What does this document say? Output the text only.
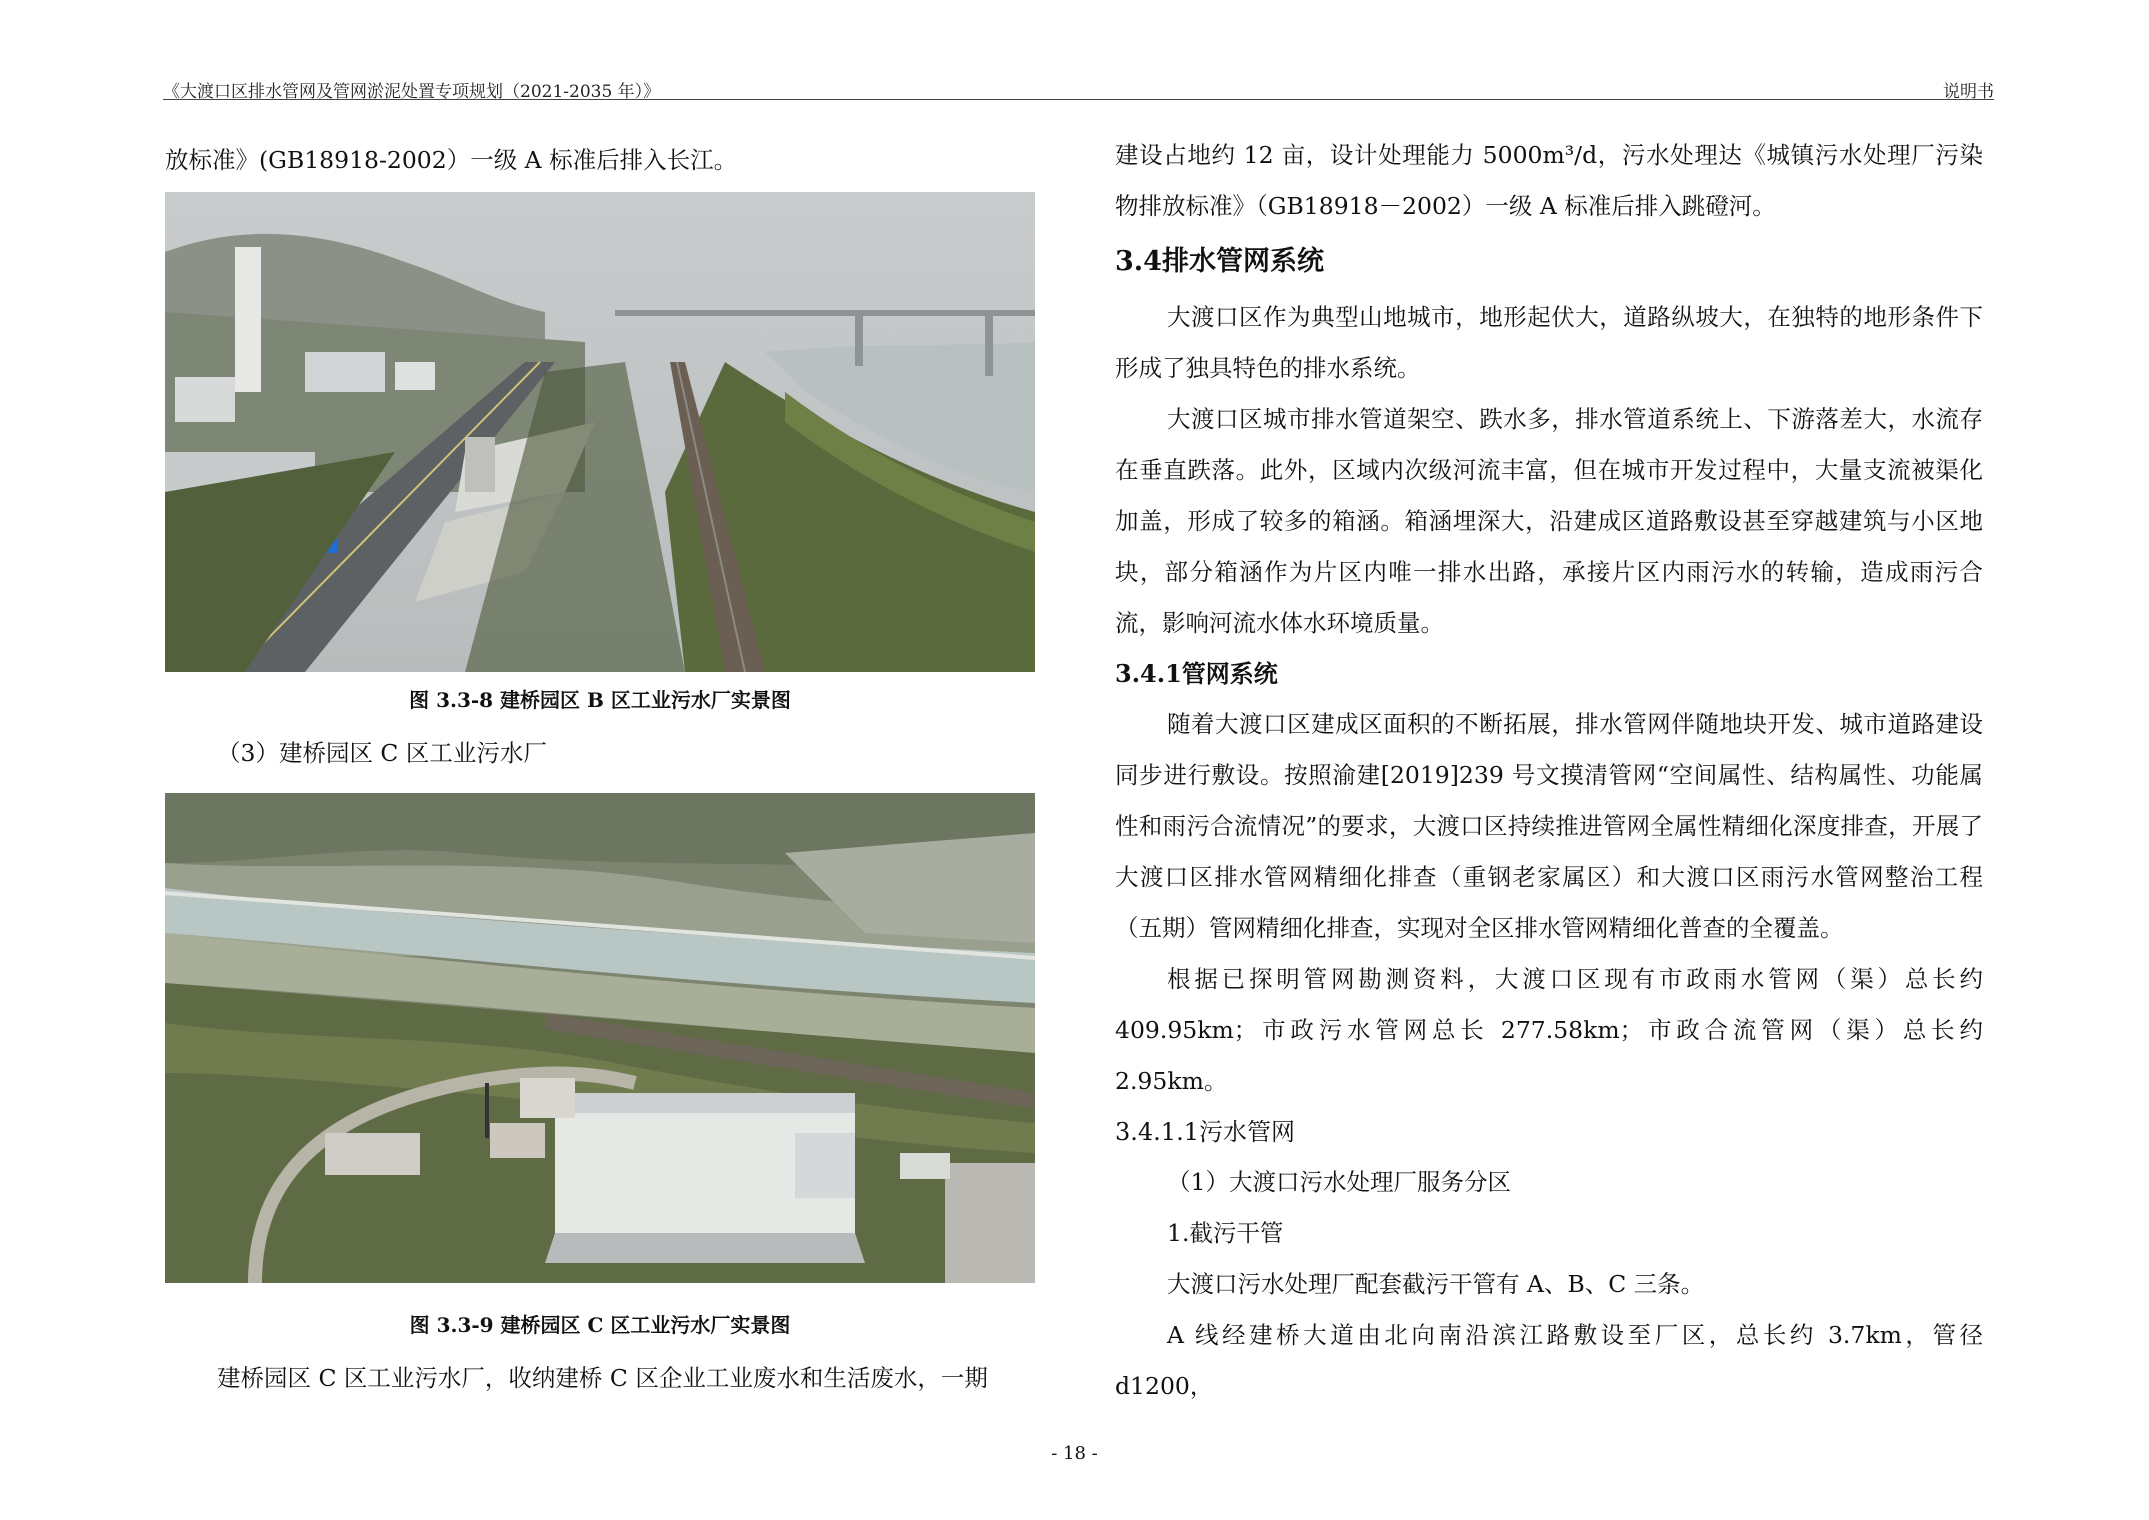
《大渡口区排水管网及管网淤泥处置专项规划（2021-2035 年）》	说明书

放标准》(GB18918-2002）一级 A 标准后排入长江。

图 3.3-8 建桥园区 B 区工业污水厂实景图

（3）建桥园区 C 区工业污水厂

图 3.3-9 建桥园区 C 区工业污水厂实景图

建桥园区 C 区工业污水厂，收纳建桥 C 区企业工业废水和生活废水，一期

建设占地约 12 亩，设计处理能力 5000m³/d，污水处理达《城镇污水处理厂污染物排放标准》（GB18918－2002）一级 A 标准后排入跳磴河。

3.4排水管网系统

大渡口区作为典型山地城市，地形起伏大，道路纵坡大，在独特的地形条件下形成了独具特色的排水系统。

大渡口区城市排水管道架空、跌水多，排水管道系统上、下游落差大，水流存在垂直跌落。此外，区域内次级河流丰富，但在城市开发过程中，大量支流被渠化加盖，形成了较多的箱涵。箱涵埋深大，沿建成区道路敷设甚至穿越建筑与小区地块，部分箱涵作为片区内唯一排水出路，承接片区内雨污水的转输，造成雨污合流，影响河流水体水环境质量。

3.4.1管网系统

随着大渡口区建成区面积的不断拓展，排水管网伴随地块开发、城市道路建设同步进行敷设。按照渝建[2019]239 号文摸清管网“空间属性、结构属性、功能属性和雨污合流情况”的要求，大渡口区持续推进管网全属性精细化深度排查，开展了大渡口区排水管网精细化排查（重钢老家属区）和大渡口区雨污水管网整治工程（五期）管网精细化排查，实现对全区排水管网精细化普查的全覆盖。

根据已探明管网勘测资料，大渡口区现有市政雨水管网（渠）总长约409.95km；市政污水管网总长 277.58km；市政合流管网（渠）总长约 2.95km。

3.4.1.1污水管网

（1）大渡口污水处理厂服务分区

1.截污干管

大渡口污水处理厂配套截污干管有 A、B、C 三条。

A 线经建桥大道由北向南沿滨江路敷设至厂区，总长约 3.7km，管径 d1200，

- 18 -
